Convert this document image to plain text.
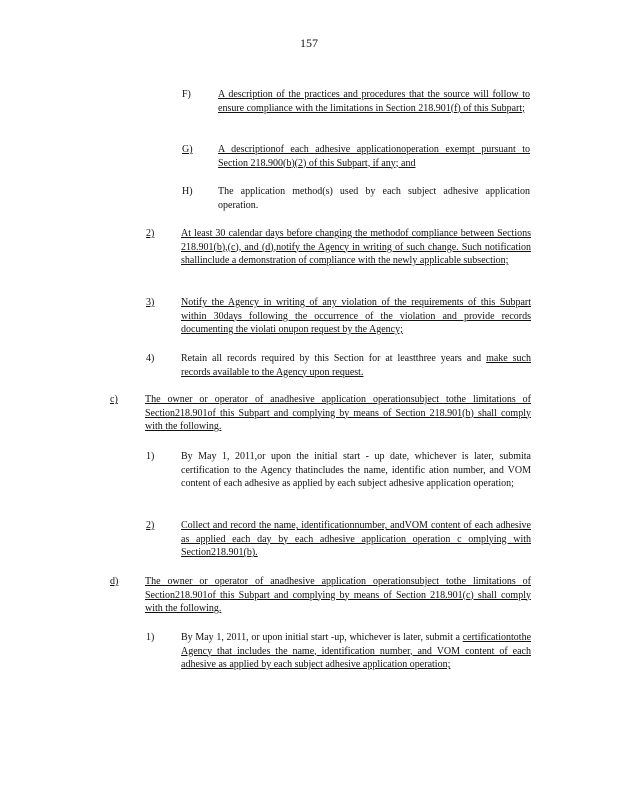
157
F)	A description of the practices and procedures that the source will follow to ensure compliance with the limitations in Section 218.901(f) of this Subpart;
G)	A descriptionof each adhesive applicationoperation exempt pursuant to Section 218.900(b)(2) of this Subpart, if any; and
H)	The application method(s) used by each subject adhesive application operation.
2)	At least 30 calendar days before changing the methodof compliance between Sections 218.901(b),(c), and (d),notify the Agency in writing of such change. Such notification shallinclude a demonstration of compliance with the newly applicable subsection;
3)	Notify the Agency in writing of any violation of the requirements of this Subpart within 30days following the occurrence of the violation and provide records documenting the violati onupon request by the Agency;
4)	Retain all records required by this Section for at leastthree years and make such records available to the Agency upon request.
c)	The owner or operator of anadhesive application operationsubject tothe limitations of Section218.901of this Subpart and complying by means of Section 218.901(b) shall comply with the following.
1)	By May 1, 2011,or upon the initial start - up date, whichever is later, submita certification to the Agency thatincludes the name, identific ation number, and VOM content of each adhesive as applied by each subject adhesive application operation;
2)	Collect and record the name, identificationnumber, andVOM content of each adhesive as applied each day by each adhesive application operation c omplying with Section218.901(b).
d)	The owner or operator of anadhesive application operationsubject tothe limitations of Section218.901of this Subpart and complying by means of Section 218.901(c) shall comply with the following.
1)	By May 1, 2011, or upon initial start -up, whichever is later, submit a certificationtothe Agency that includes the name, identification number, and VOM content of each adhesive as applied by each subject adhesive application operation;
